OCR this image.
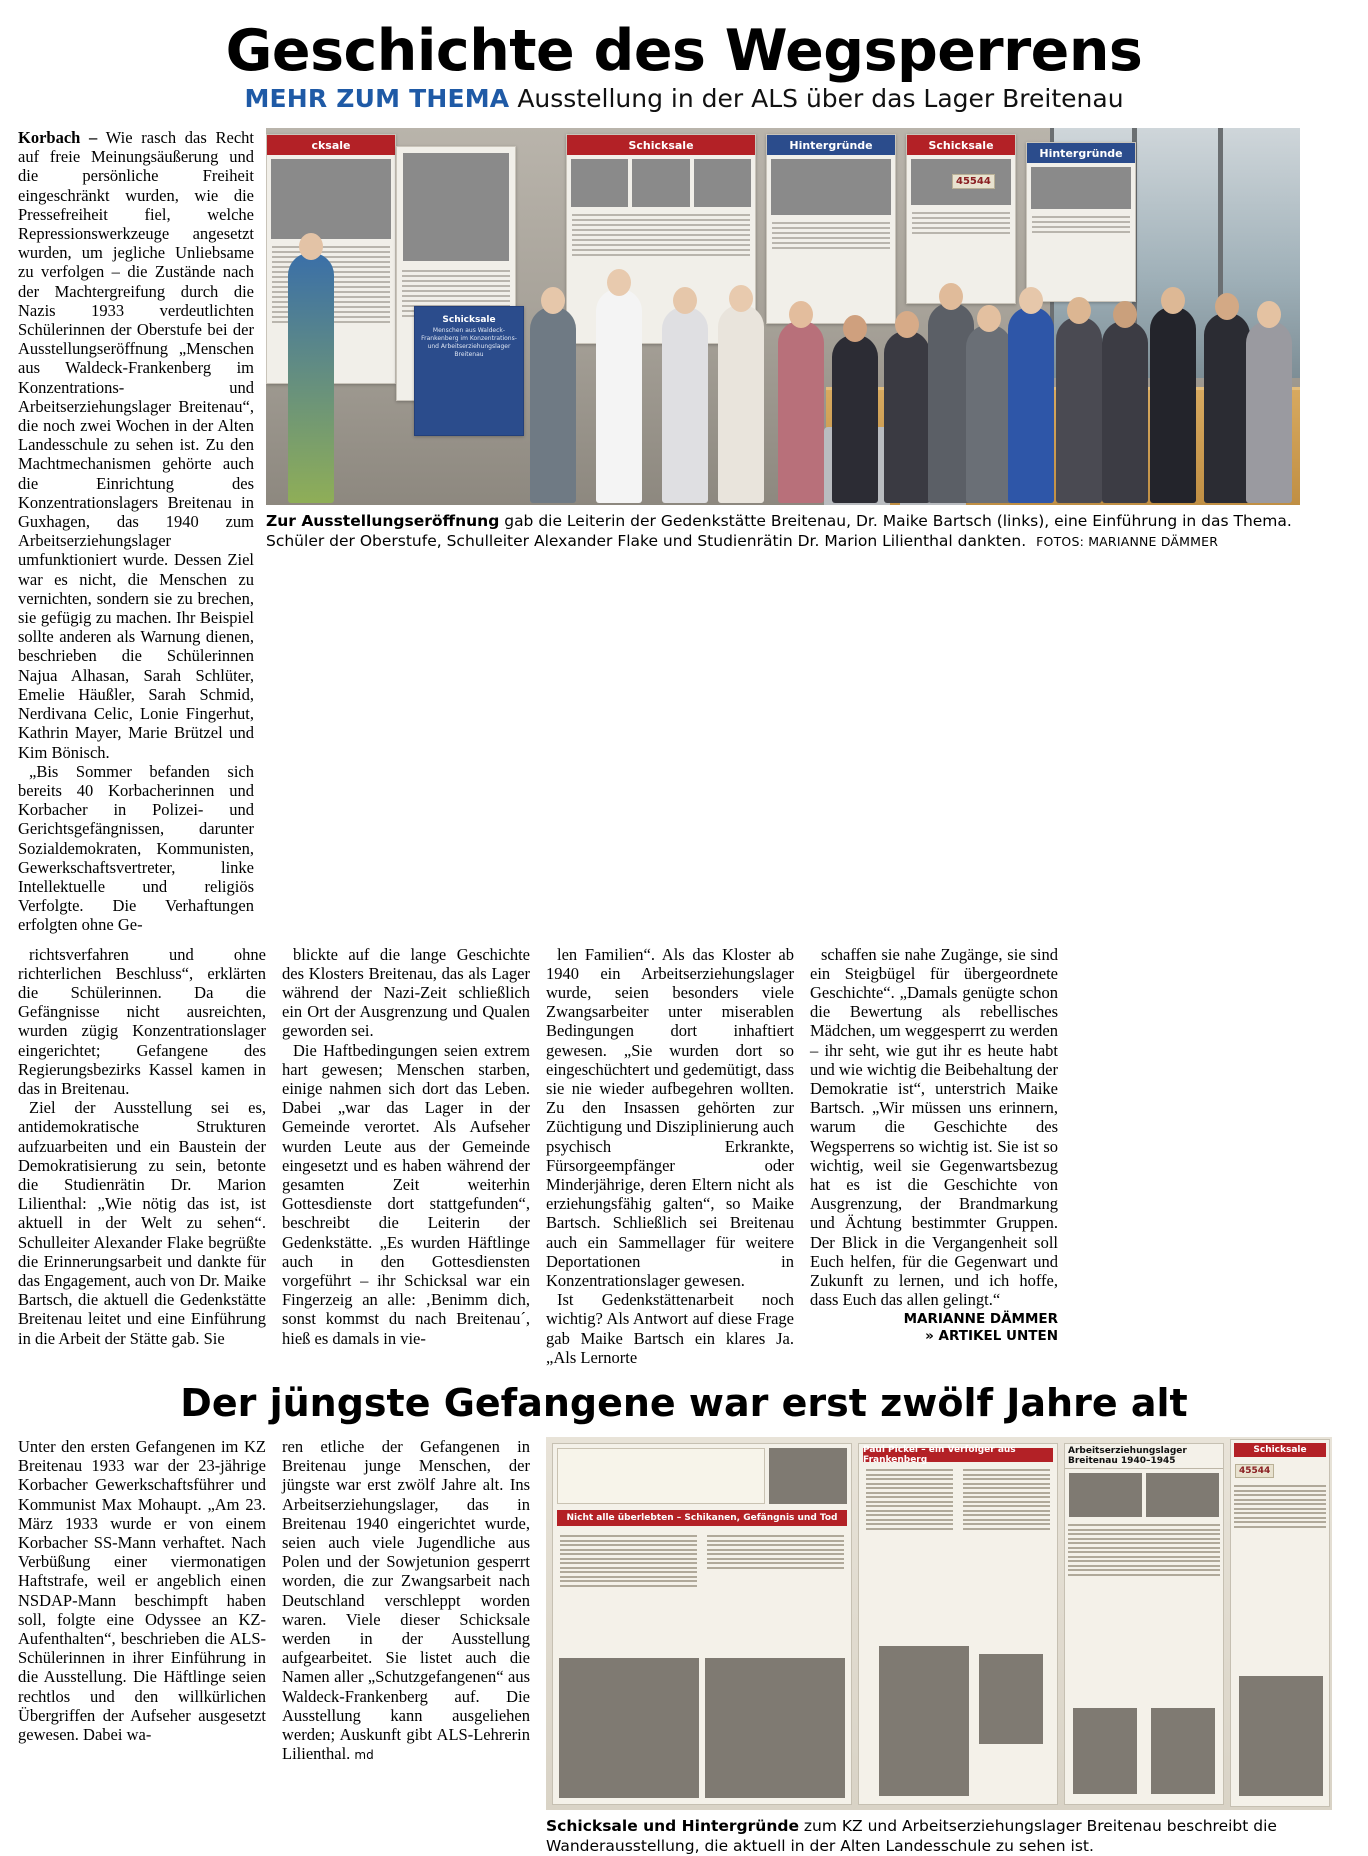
Geschichte des Wegsperrens
MEHR ZUM THEMA Ausstellung in der ALS über das Lager Breitenau

Korbach – Wie rasch das Recht auf freie Meinungsäußerung und die persönliche Freiheit eingeschränkt wurden, wie die Pressefreiheit fiel, welche Repressionswerkzeuge angesetzt wurden, um jegliche Unliebsame zu verfolgen – die Zustände nach der Machtergreifung durch die Nazis 1933 verdeutlichten Schülerinnen der Oberstufe bei der Ausstellungseröffnung „Menschen aus Waldeck-Frankenberg im Konzentrations- und Arbeitserziehungslager Breitenau“, die noch zwei Wochen in der Alten Landesschule zu sehen ist. Zu den Machtmechanismen gehörte auch die Einrichtung des Konzentrationslagers Breitenau in Guxhagen, das 1940 zum Arbeitserziehungslager umfunktioniert wurde. Dessen Ziel war es nicht, die Menschen zu vernichten, sondern sie zu brechen, sie gefügig zu machen. Ihr Beispiel sollte anderen als Warnung dienen, beschrieben die Schülerinnen Najua Alhasan, Sarah Schlüter, Emelie Häußler, Sarah Schmid, Nerdivana Celic, Lonie Fingerhut, Kathrin Mayer, Marie Brützel und Kim Bönisch.

„Bis Sommer befanden sich bereits 40 Korbacherinnen und Korbacher in Polizei- und Gerichtsgefängnissen, darunter Sozialdemokraten, Kommunisten, Gewerkschaftsvertreter, linke Intellektuelle und religiös Verfolgte. Die Verhaftungen erfolgten ohne Ge-

cksale
Schicksale
Menschen aus Waldeck-Frankenberg im Konzentrations- und Arbeitserziehungslager Breitenau
Schicksale	Hintergründe	Schicksale
Hintergründe
45544
Zur Ausstellungseröffnung gab die Leiterin der Gedenkstätte Breitenau, Dr. Maike Bartsch (links), eine Einführung in das Thema. Schüler der Oberstufe, Schulleiter Alexander Flake und Studienrätin Dr. Marion Lilienthal dankten. FOTOS: MARIANNE DÄMMER

richtsverfahren und ohne richterlichen Beschluss“, erklärten die Schülerinnen. Da die Gefängnisse nicht ausreichten, wurden zügig Konzentrationslager eingerichtet; Gefangene des Regierungsbezirks Kassel kamen in das in Breitenau.

Ziel der Ausstellung sei es, antidemokratische Strukturen aufzuarbeiten und ein Baustein der Demokratisierung zu sein, betonte die Studienrätin Dr. Marion Lilienthal: „Wie nötig das ist, ist aktuell in der Welt zu sehen“. Schulleiter Alexander Flake begrüßte die Erinnerungsarbeit und dankte für das Engagement, auch von Dr. Maike Bartsch, die aktuell die Gedenkstätte Breitenau leitet und eine Einführung in die Arbeit der Stätte gab. Sie

blickte auf die lange Geschichte des Klosters Breitenau, das als Lager während der Nazi-Zeit schließlich ein Ort der Ausgrenzung und Qualen geworden sei.

Die Haftbedingungen seien extrem hart gewesen; Menschen starben, einige nahmen sich dort das Leben. Dabei „war das Lager in der Gemeinde verortet. Als Aufseher wurden Leute aus der Gemeinde eingesetzt und es haben während der gesamten Zeit weiterhin Gottesdienste dort stattgefunden“, beschreibt die Leiterin der Gedenkstätte. „Es wurden Häftlinge auch in den Gottesdiensten vorgeführt – ihr Schicksal war ein Fingerzeig an alle: ‚Benimm dich, sonst kommst du nach Breitenau´, hieß es damals in vie-

len Familien“. Als das Kloster ab 1940 ein Arbeitserziehungslager wurde, seien besonders viele Zwangsarbeiter unter miserablen Bedingungen dort inhaftiert gewesen. „Sie wurden dort so eingeschüchtert und gedemütigt, dass sie nie wieder aufbegehren wollten. Zu den Insassen gehörten zur Züchtigung und Disziplinierung auch psychisch Erkrankte, Fürsorgeempfänger oder Minderjährige, deren Eltern nicht als erziehungsfähig galten“, so Maike Bartsch. Schließlich sei Breitenau auch ein Sammellager für weitere Deportationen in Konzentrationslager gewesen.

Ist Gedenkstättenarbeit noch wichtig? Als Antwort auf diese Frage gab Maike Bartsch ein klares Ja. „Als Lernorte

schaffen sie nahe Zugänge, sie sind ein Steigbügel für übergeordnete Geschichte“. „Damals genügte schon die Bewertung als rebellisches Mädchen, um weggesperrt zu werden – ihr seht, wie gut ihr es heute habt und wie wichtig die Beibehaltung der Demokratie ist“, unterstrich Maike Bartsch. „Wir müssen uns erinnern, warum die Geschichte des Wegsperrens so wichtig ist. Sie ist so wichtig, weil sie Gegenwartsbezug hat es ist die Geschichte von Ausgrenzung, der Brandmarkung und Ächtung bestimmter Gruppen. Der Blick in die Vergangenheit soll Euch helfen, für die Gegenwart und Zukunft zu lernen, und ich hoffe, dass Euch das allen gelingt.“

MARIANNE DÄMMER
» ARTIKEL UNTEN
Der jüngste Gefangene war erst zwölf Jahre alt

Unter den ersten Gefangenen im KZ Breitenau 1933 war der 23-jährige Korbacher Gewerkschaftsführer und Kommunist Max Mohaupt. „Am 23. März 1933 wurde er von einem Korbacher SS-Mann verhaftet. Nach Verbüßung einer viermonatigen Haftstrafe, weil er angeblich einen NSDAP-Mann beschimpft haben soll, folgte eine Odyssee an KZ-Aufenthalten“, beschrieben die ALS-Schülerinnen in ihrer Einführung in die Ausstellung. Die Häftlinge seien rechtlos und den willkürlichen Übergriffen der Aufseher ausgesetzt gewesen. Dabei wa-

ren etliche der Gefangenen in Breitenau junge Menschen, der jüngste war erst zwölf Jahre alt. Ins Arbeitserziehungslager, das in Breitenau 1940 eingerichtet wurde, seien auch viele Jugendliche aus Polen und der Sowjetunion gesperrt worden, die zur Zwangsarbeit nach Deutschland verschleppt worden waren. Viele dieser Schicksale werden in der Ausstellung aufgearbeitet. Sie listet auch die Namen aller „Schutzgefangenen“ aus Waldeck-Frankenberg auf. Die Ausstellung kann ausgeliehen werden; Auskunft gibt ALS-Lehrerin Lilienthal. md

Nicht alle überlebten – Schikanen, Gefängnis und Tod
Paul Pickel – ein Verfolger aus Frankenberg
Arbeitserziehungslager Breitenau 1940–1945
Schicksale
45544
Schicksale und Hintergründe zum KZ und Arbeitserziehungslager Breitenau beschreibt die Wanderausstellung, die aktuell in der Alten Landesschule zu sehen ist.
